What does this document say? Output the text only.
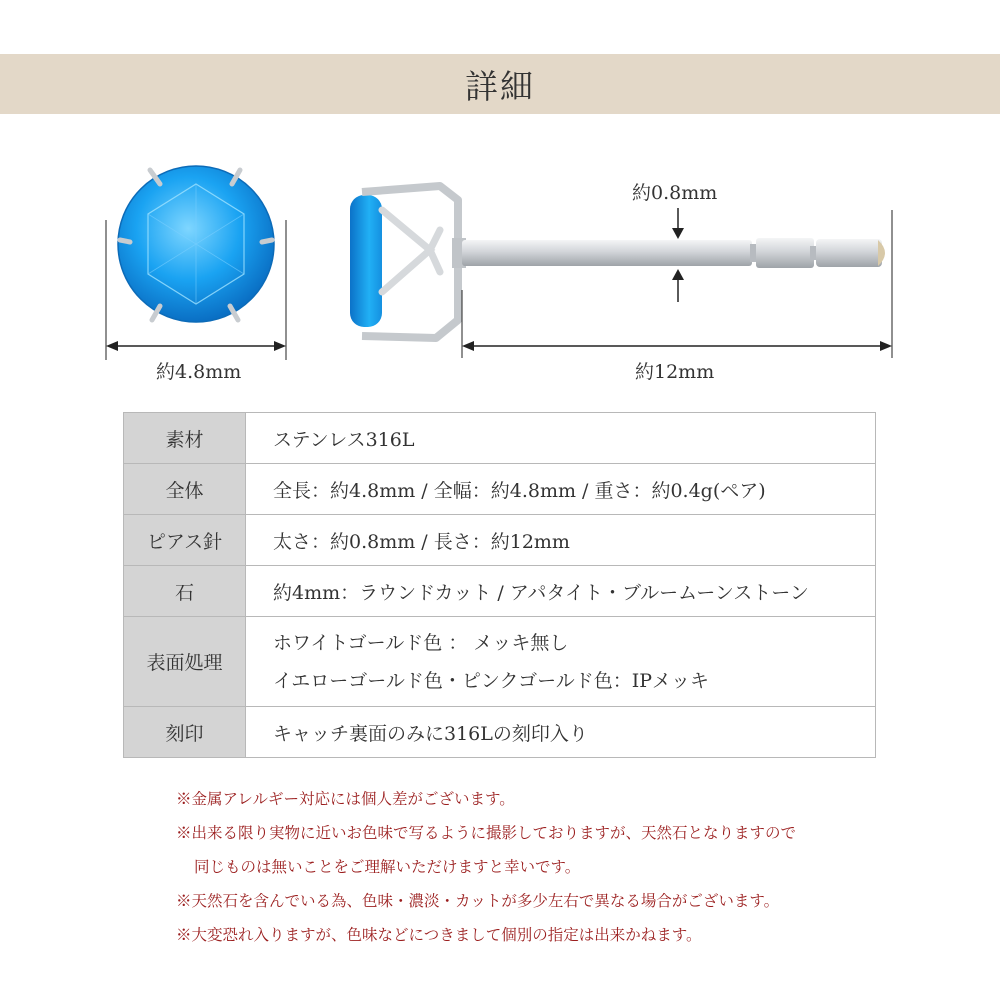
詳細
約4.8mm
約0.8mm
約12mm
素材	ステンレス316L

全体	全長：約4.8mm / 全幅：約4.8mm / 重さ：約0.4g(ペア)

ピアス針	太さ：約0.8mm / 長さ：約12mm

石	約4mm：ラウンドカット / アパタイト・ブルームーンストーン

表面処理	ホワイトゴールド色 ： メッキ無し
イエローゴールド色・ピンクゴールド色：IPメッキ

刻印	キャッチ裏面のみに316Lの刻印入り
※金属アレルギー対応には個人差がございます。
※出来る限り実物に近いお色味で写るように撮影しておりますが、天然石となりますので
同じものは無いことをご理解いただけますと幸いです。
※天然石を含んでいる為、色味・濃淡・カットが多少左右で異なる場合がございます。
※大変恐れ入りますが、色味などにつきまして個別の指定は出来かねます。
